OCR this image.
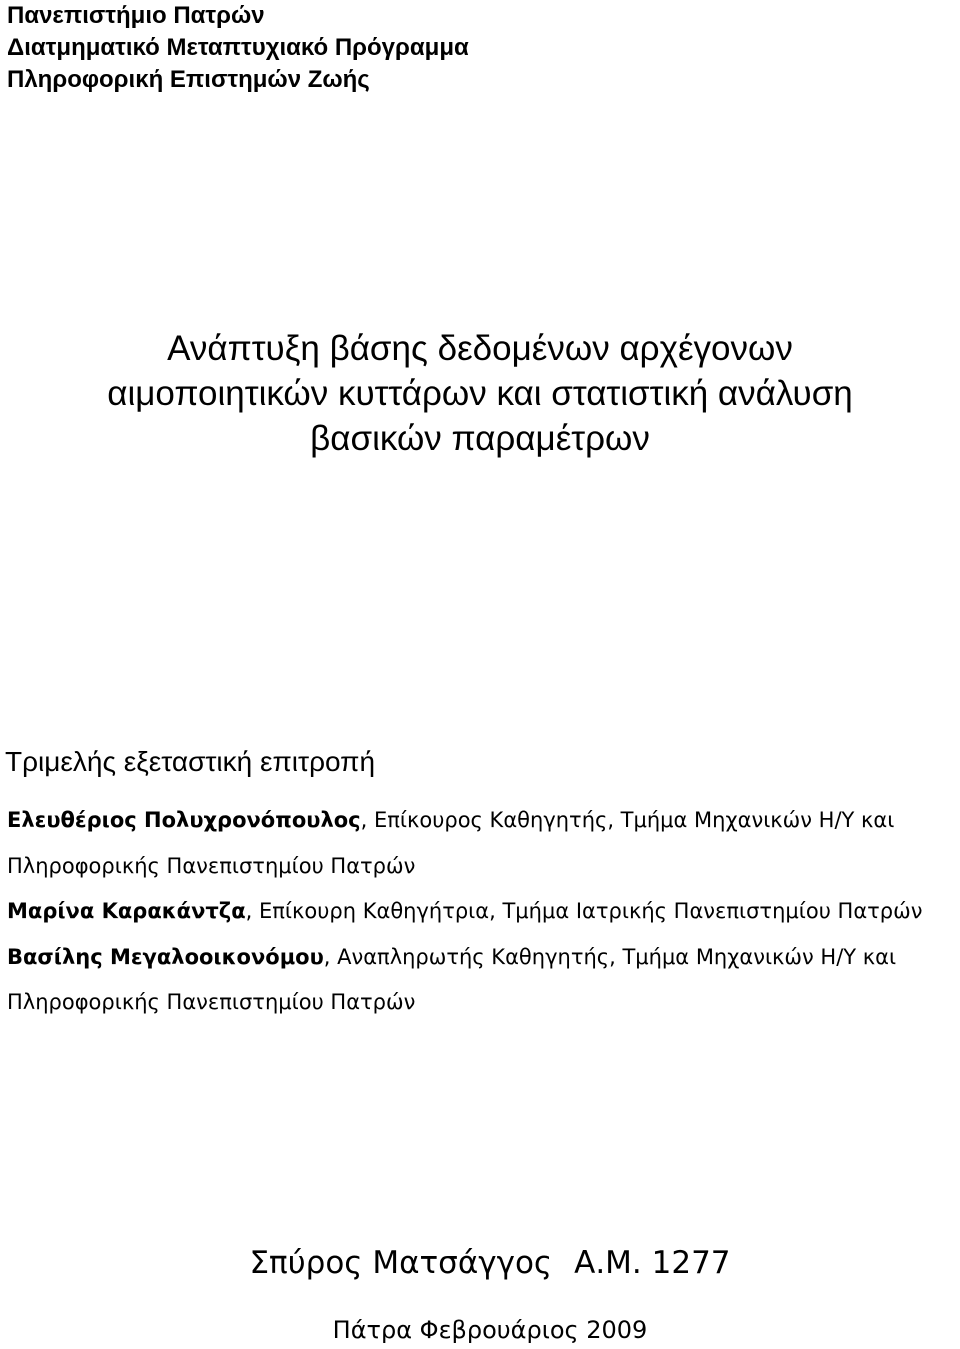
Πανεπιστήμιο Πατρών
Διατμηματικό Μεταπτυχιακό Πρόγραμμα
Πληροφορική Επιστημών Ζωής
Ανάπτυξη βάσης δεδομένων αρχέγονων
αιμοποιητικών κυττάρων και στατιστική ανάλυση
βασικών παραμέτρων
Τριμελής εξεταστική επιτροπή
Ελευθέριος Πολυχρονόπουλος, Επίκουρος Καθηγητής, Τμήμα Μηχανικών Η/Υ και Πληροφορικής Πανεπιστημίου Πατρών
Μαρίνα Καρακάντζα, Επίκουρη Καθηγήτρια, Τμήμα Ιατρικής Πανεπιστημίου Πατρών
Βασίλης Μεγαλοοικονόμου, Αναπληρωτής Καθηγητής, Τμήμα Μηχανικών Η/Υ και Πληροφορικής Πανεπιστημίου Πατρών
Σπύρος Ματσάγγος Α.Μ. 1277
Πάτρα Φεβρουάριος 2009
